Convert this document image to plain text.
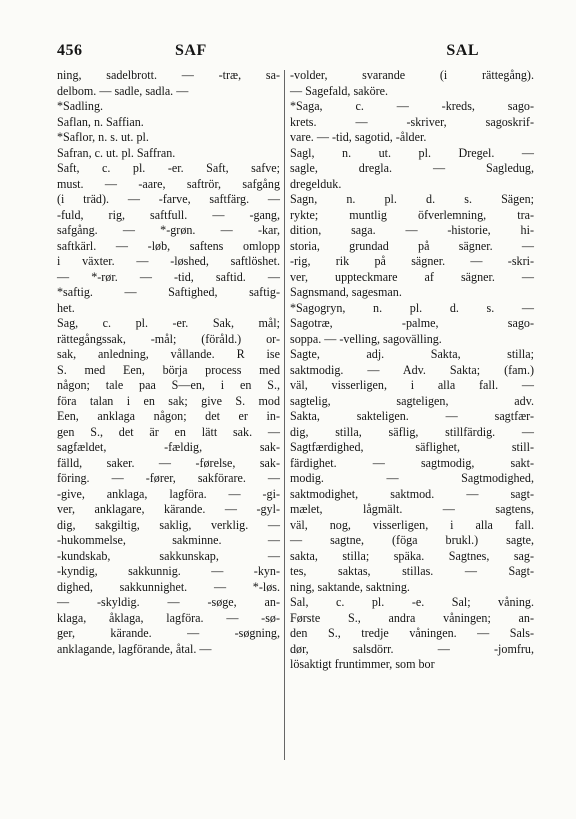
456	SAF	SAL
ning, sadelbrott. — -træ, sa-
delbom. — sadle, sadla. —
*Sadling.
Saflan, n. Saffian.
*Saflor, n. s. ut. pl.
Safran, c. ut. pl. Saffran.
Saft, c. pl. -er. Saft, safve;
must. — -aare, saftrör, safgång
(i träd). — -farve, saftfärg. —
-fuld, rig, saftfull. — -gang,
safgång. — *-grøn. — -kar,
saftkärl. — -løb, saftens omlopp
i växter. — -løshed, saftlöshet.
— *-rør. — -tid, saftid. —
*saftig. — Saftighed, saftig-
het.
Sag, c. pl. -er. Sak, mål;
rättegångssak, -mål; (föråld.) or-
sak, anledning, vållande. R ise
S. med Een, börja process med
någon; tale paa S—en, i en S.,
föra talan i en sak; give S. mod
Een, anklaga någon; det er in-
gen S., det är en lätt sak. —
sagfældet, -fældig, sak-
fälld, saker. — -førelse, sak-
föring. — -fører, sakförare. —
-give, anklaga, lagföra. — -gi-
ver, anklagare, kärande. — -gyl-
dig, sakgiltig, saklig, verklig. —
-hukommelse, sakminne. —
-kundskab, sakkunskap, —
-kyndig, sakkunnig. — -kyn-
dighed, sakkunnighet. — *-løs.
— -skyldig. — -søge, an-
klaga, åklaga, lagföra. — -sø-
ger, kärande. — -søgning,
anklagande, lagförande, åtal. —
-volder, svarande (i rättegång).
— Sagefald, saköre.
*Saga, c. — -kreds, sago-
krets. — -skriver, sagoskrif-
vare. — -tid, sagotid, -ålder.
Sagl, n. ut. pl. Dregel. —
sagle, dregla. — Sagledug,
dregelduk.
Sagn, n. pl. d. s. Sägen;
rykte; muntlig öfverlemning, tra-
dition, saga. — -historie, hi-
storia, grundad på sägner. —
-rig, rik på sägner. — -skri-
ver, uppteckmare af sägner. —
Sagnsmand, sagesman.
*Sagogryn, n. pl. d. s. —
Sagotræ, -palme, sago-
soppa. — -velling, sagovälling.
Sagte, adj. Sakta, stilla;
saktmodig. — Adv. Sakta; (fam.)
väl, visserligen, i alla fall. —
sagtelig, sagteligen, adv.
Sakta, sakteligen. — sagtfær-
dig, stilla, säflig, stillfärdig. —
Sagtfærdighed, säflighet, still-
färdighet. — sagtmodig, sakt-
modig. — Sagtmodighed,
saktmodighet, saktmod. — sagt-
mælet, lågmält. — sagtens,
väl, nog, visserligen, i alla fall.
— sagtne, (föga brukl.) sagte,
sakta, stilla; späka. Sagtnes, sag-
tes, saktas, stillas. — Sagt-
ning, saktande, saktning.
Sal, c. pl. -e. Sal; våning.
Første S., andra våningen; an-
den S., tredje våningen. — Sals-
dør, salsdörr. — -jomfru,
lösaktigt fruntimmer, som bor
